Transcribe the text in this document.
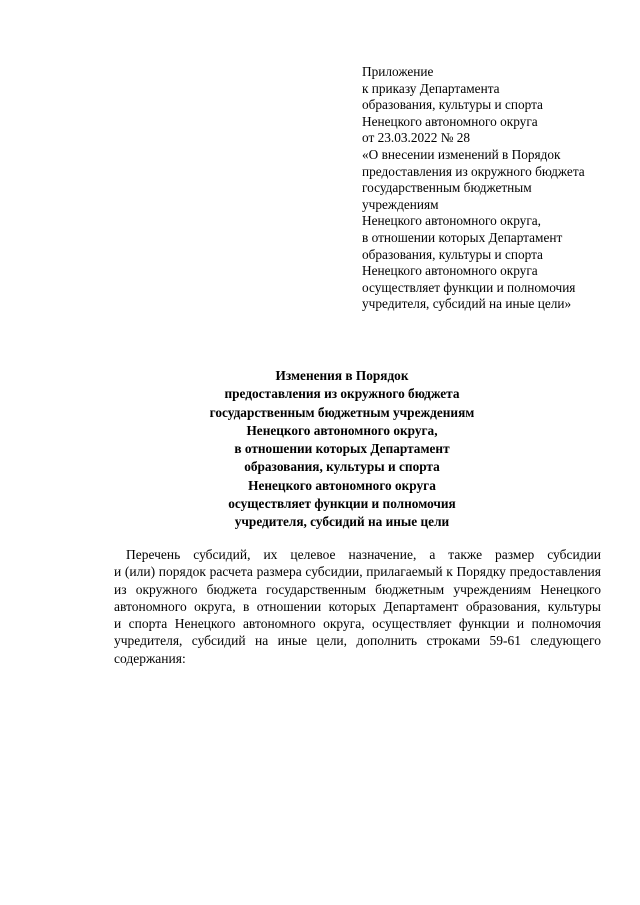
Приложение
к приказу Департамента
образования, культуры и спорта
Ненецкого автономного округа
от 23.03.2022 № 28
«О внесении изменений в Порядок
предоставления из окружного бюджета
государственным бюджетным
учреждениям
Ненецкого автономного округа,
в отношении которых Департамент
образования, культуры и спорта
Ненецкого автономного округа
осуществляет функции и полномочия
учредителя, субсидий на иные цели»
Изменения в Порядок
предоставления из окружного бюджета
государственным бюджетным учреждениям
Ненецкого автономного округа,
в отношении которых Департамент
образования, культуры и спорта
Ненецкого автономного округа
осуществляет функции и полномочия
учредителя, субсидий на иные цели
Перечень субсидий, их целевое назначение, а также размер субсидии
и (или) порядок расчета размера субсидии, прилагаемый к Порядку предоставления
из окружного бюджета государственным бюджетным учреждениям Ненецкого
автономного округа, в отношении которых Департамент образования, культуры
и спорта Ненецкого автономного округа, осуществляет функции и полномочия
учредителя, субсидий на иные цели, дополнить строками 59-61 следующего
содержания:
